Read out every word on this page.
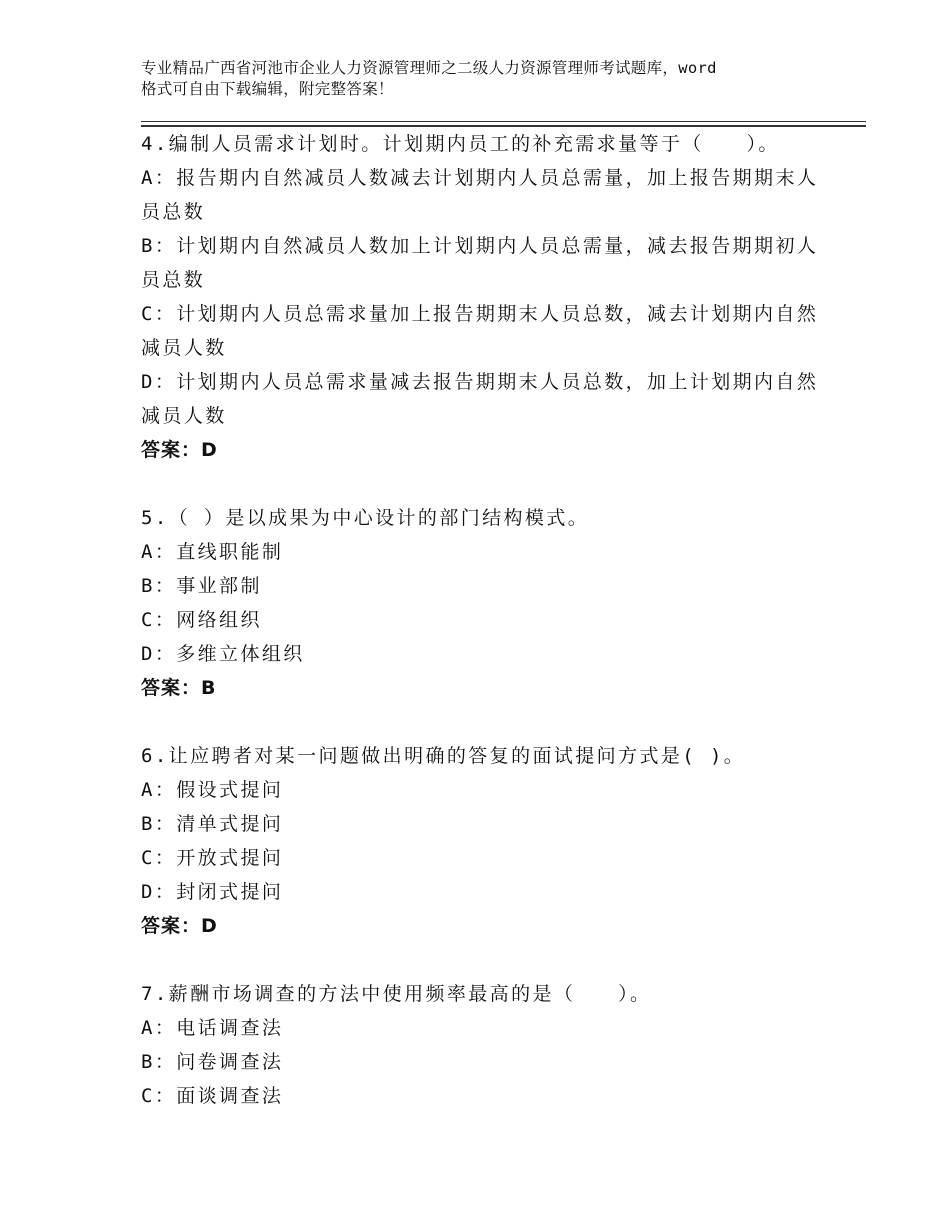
专业精品广西省河池市企业人力资源管理师之二级人力资源管理师考试题库，word
格式可自由下载编辑，附完整答案！
4.编制人员需求计划时。计划期内员工的补充需求量等于（　　）。
A：报告期内自然减员人数减去计划期内人员总需量，加上报告期期末人员总数
B：计划期内自然减员人数加上计划期内人员总需量，减去报告期期初人员总数
C：计划期内人员总需求量加上报告期期末人员总数，减去计划期内自然减员人数
D：计划期内人员总需求量减去报告期期末人员总数，加上计划期内自然减员人数
答案：D
5.（ ）是以成果为中心设计的部门结构模式。
A：直线职能制
B：事业部制
C：网络组织
D：多维立体组织
答案：B
6.让应聘者对某一问题做出明确的答复的面试提问方式是( )。
A：假设式提问
B：清单式提问
C：开放式提问
D：封闭式提问
答案：D
7.薪酬市场调查的方法中使用频率最高的是（　　）。
A：电话调查法
B：问卷调查法
C：面谈调查法
